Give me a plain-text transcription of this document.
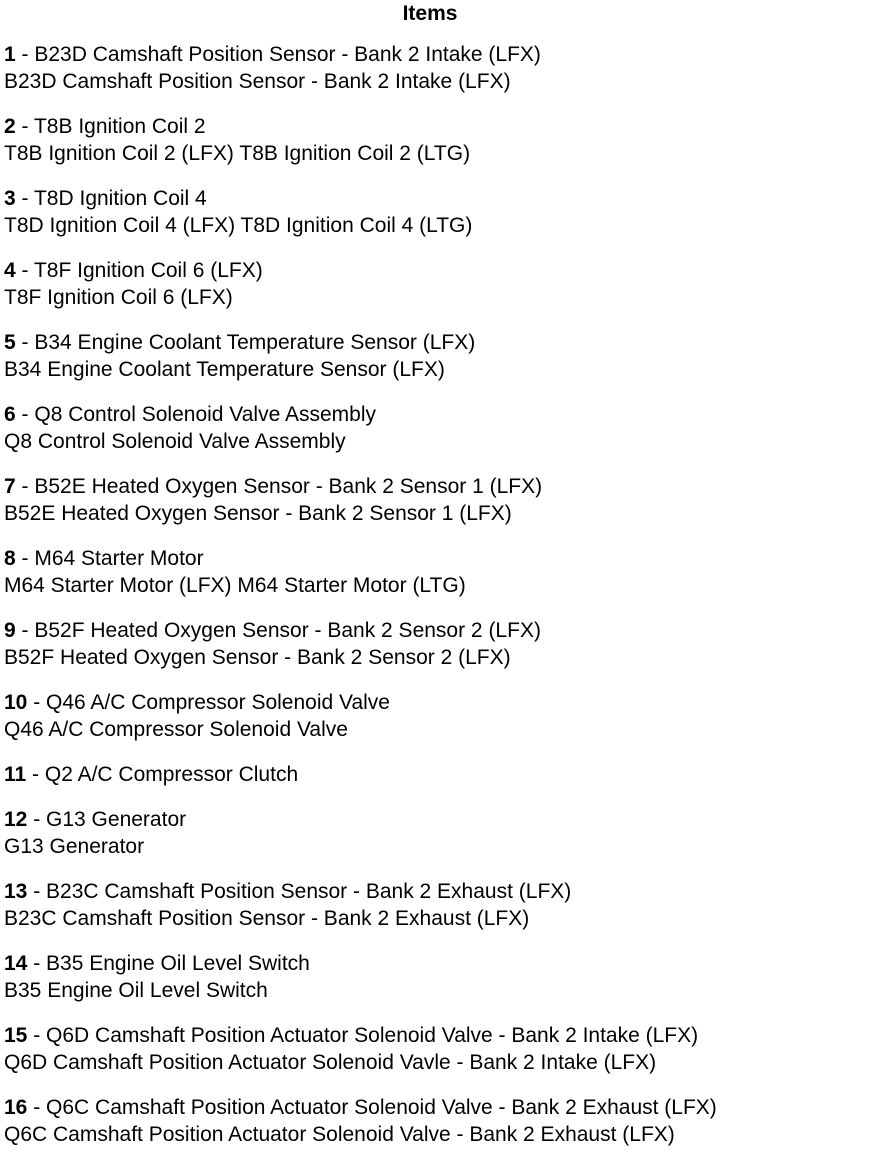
Items
1 - B23D Camshaft Position Sensor - Bank 2 Intake (LFX)
B23D Camshaft Position Sensor - Bank 2 Intake (LFX)
2 - T8B Ignition Coil 2
T8B Ignition Coil 2 (LFX) T8B Ignition Coil 2 (LTG)
3 - T8D Ignition Coil 4
T8D Ignition Coil 4 (LFX) T8D Ignition Coil 4 (LTG)
4 - T8F Ignition Coil 6 (LFX)
T8F Ignition Coil 6 (LFX)
5 - B34 Engine Coolant Temperature Sensor (LFX)
B34 Engine Coolant Temperature Sensor (LFX)
6 - Q8 Control Solenoid Valve Assembly
Q8 Control Solenoid Valve Assembly
7 - B52E Heated Oxygen Sensor - Bank 2 Sensor 1 (LFX)
B52E Heated Oxygen Sensor - Bank 2 Sensor 1 (LFX)
8 - M64 Starter Motor
M64 Starter Motor (LFX) M64 Starter Motor (LTG)
9 - B52F Heated Oxygen Sensor - Bank 2 Sensor 2 (LFX)
B52F Heated Oxygen Sensor - Bank 2 Sensor 2 (LFX)
10 - Q46 A/C Compressor Solenoid Valve
Q46 A/C Compressor Solenoid Valve
11 - Q2 A/C Compressor Clutch
12 - G13 Generator
G13 Generator
13 - B23C Camshaft Position Sensor - Bank 2 Exhaust (LFX)
B23C Camshaft Position Sensor - Bank 2 Exhaust (LFX)
14 - B35 Engine Oil Level Switch
B35 Engine Oil Level Switch
15 - Q6D Camshaft Position Actuator Solenoid Valve - Bank 2 Intake (LFX)
Q6D Camshaft Position Actuator Solenoid Vavle - Bank 2 Intake (LFX)
16 - Q6C Camshaft Position Actuator Solenoid Valve - Bank 2 Exhaust (LFX)
Q6C Camshaft Position Actuator Solenoid Valve - Bank 2 Exhaust (LFX)
